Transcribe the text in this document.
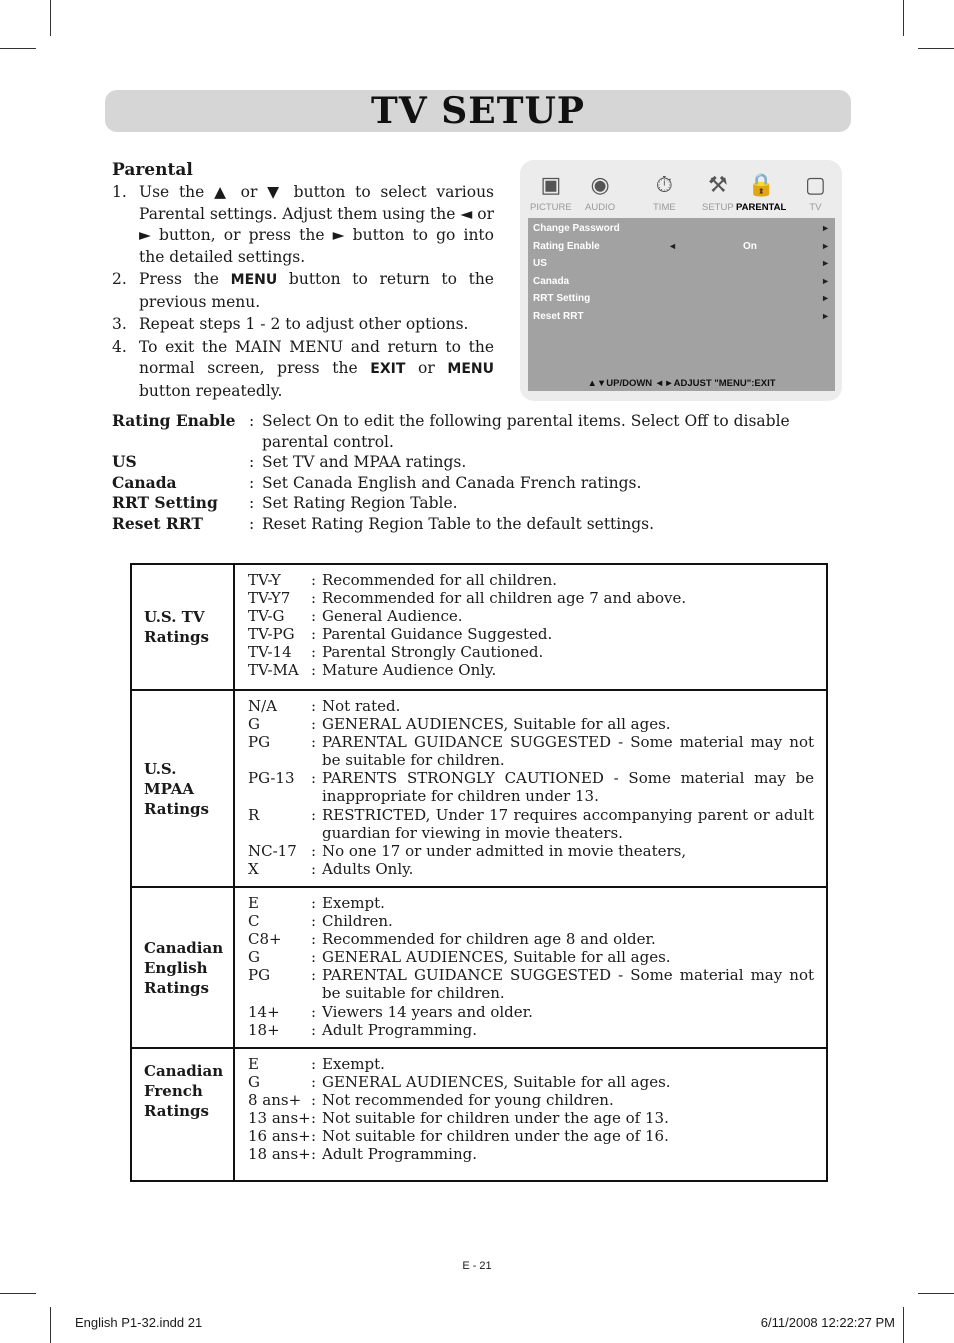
TV SETUP
Parental
1. Use the ▲ or ▼ button to select various Parental settings. Adjust them using the ◄ or ► button, or press the ► button to go into the detailed settings.
2. Press the MENU button to return to the previous menu.
3. Repeat steps 1 - 2 to adjust other options.
4. To exit the MAIN MENU and return to the normal screen, press the EXIT or MENU button repeatedly.
▣
PICTURE
◉
AUDIO
⏱
TIME
⚒
SETUP
🔒
PARENTAL
▢
TV
▲▼UP/DOWN ◄►ADJUST "MENU":EXIT
Change Password	►
Rating Enable	◄	On	►
US	►
Canada	►
RRT Setting	►
Reset RRT	►
Rating Enable : Select On to edit the following parental items. Select Off to disable parental control.
US	: Set TV and MPAA ratings.
Canada	: Set Canada English and Canada French ratings.
RRT Setting	: Set Rating Region Table.
Reset RRT	: Reset Rating Region Table to the default settings.
U.S. TV
Ratings
TV-Y	: Recommended for all children.
TV-Y7	: Recommended for all children age 7 and above.
TV-G	: General Audience.
TV-PG	: Parental Guidance Suggested.
TV-14	: Parental Strongly Cautioned.
TV-MA : Mature Audience Only.
U.S.
MPAA
Ratings
N/A	: Not rated.
G	: GENERAL AUDIENCES, Suitable for all ages.
PG	: PARENTAL GUIDANCE SUGGESTED - Some material may not be suitable for children.
PG-13	: PARENTS STRONGLY CAUTIONED - Some material may be inappropriate for children under 13.
R	: RESTRICTED, Under 17 requires accompanying parent or adult guardian for viewing in movie theaters.
NC-17 : No one 17 or under admitted in movie theaters,
X	: Adults Only.
Canadian
English
Ratings
E	: Exempt.
C	: Children.
C8+	: Recommended for children age 8 and older.
G	: GENERAL AUDIENCES, Suitable for all ages.
PG	: PARENTAL GUIDANCE SUGGESTED - Some material may not be suitable for children.
14+	: Viewers 14 years and older.
18+	: Adult Programming.
Canadian
French
Ratings
E	: Exempt.
G	: GENERAL AUDIENCES, Suitable for all ages.
8 ans+ : Not recommended for young children.
13 ans+ : Not suitable for children under the age of 13.
16 ans+ : Not suitable for children under the age of 16.
18 ans+ : Adult Programming.
E - 21
English P1-32.indd 21	6/11/2008 12:22:27 PM
